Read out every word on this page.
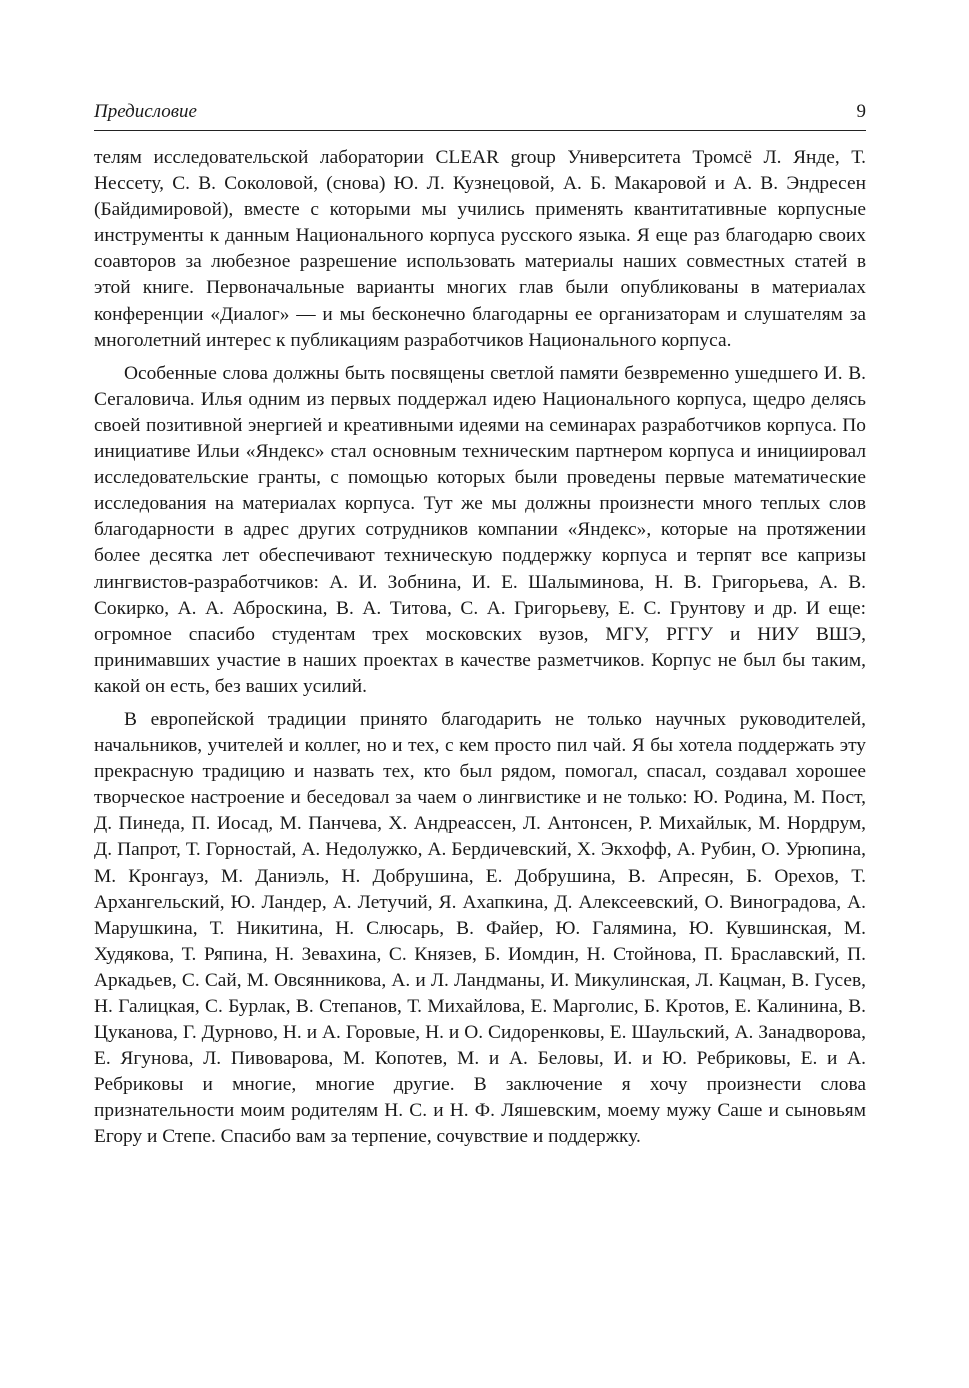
Предисловие	9

телям исследовательской лаборатории CLEAR group Университета Тромсё Л. Янде, Т. Нессету, С. В. Соколовой, (снова) Ю. Л. Кузнецовой, А. Б. Макаровой и А. В. Эндресен (Байдимировой), вместе с которыми мы учились применять квантитативные корпусные инструменты к данным Национального корпуса русского языка. Я еще раз благодарю своих соавторов за любезное разрешение использовать материалы наших совместных статей в этой книге. Первоначальные варианты многих глав были опубликованы в материалах конференции «Диалог» — и мы бесконечно благодарны ее организаторам и слушателям за многолетний интерес к публикациям разработчиков Национального корпуса.

Особенные слова должны быть посвящены светлой памяти безвременно ушедшего И. В. Сегаловича. Илья одним из первых поддержал идею Национального корпуса, щедро делясь своей позитивной энергией и креативными идеями на семинарах разработчиков корпуса. По инициативе Ильи «Яндекс» стал основным техническим партнером корпуса и инициировал исследовательские гранты, с помощью которых были проведены первые математические исследования на материалах корпуса. Тут же мы должны произнести много теплых слов благодарности в адрес других сотрудников компании «Яндекс», которые на протяжении более десятка лет обеспечивают техническую поддержку корпуса и терпят все капризы лингвистов-разработчиков: А. И. Зобнина, И. Е. Шалыминова, Н. В. Григорьева, А. В. Сокирко, А. А. Аброскина, В. А. Титова, С. А. Григорьеву, Е. С. Грунтову и др. И еще: огромное спасибо студентам трех московских вузов, МГУ, РГГУ и НИУ ВШЭ, принимавших участие в наших проектах в качестве разметчиков. Корпус не был бы таким, какой он есть, без ваших усилий.

В европейской традиции принято благодарить не только научных руководителей, начальников, учителей и коллег, но и тех, с кем просто пил чай. Я бы хотела поддержать эту прекрасную традицию и назвать тех, кто был рядом, помогал, спасал, создавал хорошее творческое настроение и беседовал за чаем о лингвистике и не только: Ю. Родина, М. Пост, Д. Пинеда, П. Иосад, М. Панчева, Х. Андреассен, Л. Антонсен, Р. Михайлык, М. Нордрум, Д. Папрот, Т. Горностай, А. Недолужко, А. Бердичевский, Х. Экхофф, А. Рубин, О. Урюпина, М. Кронгауз, М. Даниэль, Н. Добрушина, Е. Добрушина, В. Апресян, Б. Орехов, Т. Архангельский, Ю. Ландер, А. Летучий, Я. Ахапкина, Д. Алексеевский, О. Виноградова, А. Марушкина, Т. Никитина, Н. Слюсарь, В. Файер, Ю. Галямина, Ю. Кувшинская, М. Худякова, Т. Ряпина, Н. Зевахина, С. Князев, Б. Иомдин, Н. Стойнова, П. Браславский, П. Аркадьев, С. Сай, М. Овсянникова, А. и Л. Ландманы, И. Микулинская, Л. Кацман, В. Гусев, Н. Галицкая, С. Бурлак, В. Степанов, Т. Михайлова, Е. Марголис, Б. Кротов, Е. Калинина, В. Цуканова, Г. Дурново, Н. и А. Горовые, Н. и О. Сидоренковы, Е. Шаульский, А. Занадворова, Е. Ягунова, Л. Пивоварова, М. Копотев, М. и А. Беловы, И. и Ю. Ребриковы, Е. и А. Ребриковы и многие, многие другие. В заключение я хочу произнести слова признательности моим родителям Н. С. и Н. Ф. Ляшевским, моему мужу Саше и сыновьям Егору и Степе. Спасибо вам за терпение, сочувствие и поддержку.
